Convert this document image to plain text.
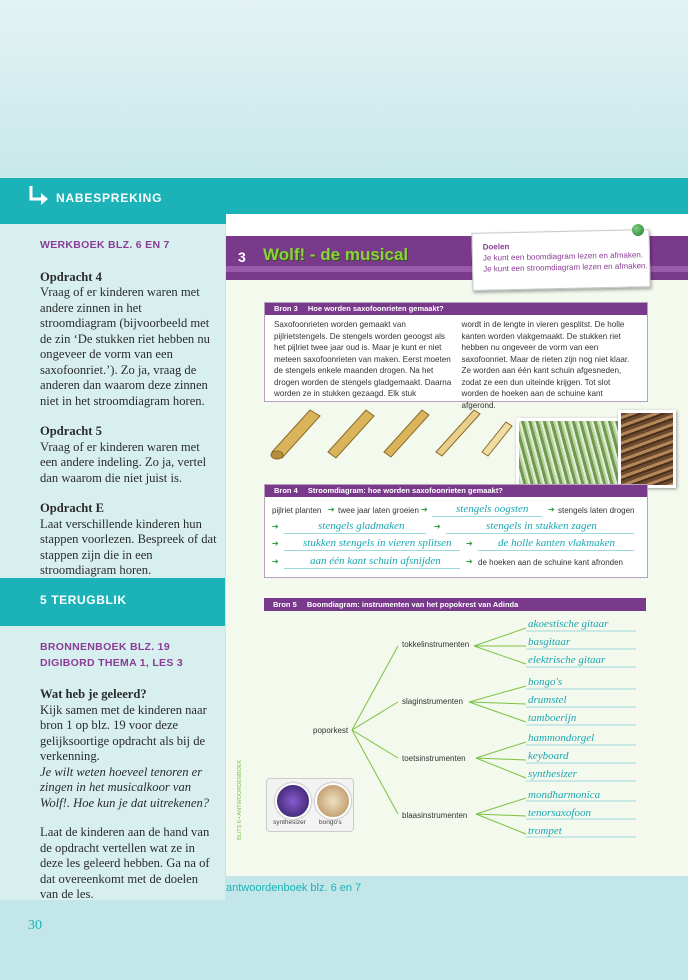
NABESPREKING
WERKBOEK BLZ. 6 EN 7
Opdracht 4

Vraag of er kinderen waren met andere zinnen in het stroomdiagram (bijvoorbeeld met de zin ‘De stukken riet hebben nu ongeveer de vorm van een saxofoonriet.’). Zo ja, vraag de anderen dan waarom deze zinnen niet in het stroomdiagram horen.

Opdracht 5

Vraag of er kinderen waren met een andere indeling. Zo ja, vertel dan waarom die niet juist is.

Opdracht E

Laat verschillende kinderen hun stappen voorlezen. Bespreek of dat stappen zijn die in een stroomdiagram horen.

5 TERUGBLIK
BRONNENBOEK BLZ. 19
DIGIBORD THEMA 1, LES 3
Wat heb je geleerd?

Kijk samen met de kinderen naar bron 1 op blz. 19 voor deze gelijksoortige opdracht als bij de verkenning.

Je wilt weten hoeveel tenoren er zingen in het musicalkoor van Wolf!. Hoe kun je dat uitrekenen?

Laat de kinderen aan de hand van de opdracht vertellen wat ze in deze les geleerd hebben. Ga na of dat overeenkomt met de doelen van de les.

30
antwoordenboek blz. 6 en 7
3 Wolf! - de musical	Doelen
Je kunt een boomdiagram lezen en afmaken.
Je kunt een stroomdiagram lezen en afmaken.
Bron 3 Hoe worden saxofoonrieten gemaakt?
Saxofoonrieten worden gemaakt van pijlrietstengels. De stengels worden geoogst als het pijlriet twee jaar oud is. Maar je kunt er niet meteen saxofoonrieten van maken. Eerst moeten de stengels enkele maanden drogen. Na het drogen worden de stengels gladgemaakt. Daarna worden ze in stukken gezaagd. Elk stuk
wordt in de lengte in vieren gesplitst. De holle kanten worden vlakgemaakt. De stukken riet hebben nu ongeveer de vorm van een saxofoonriet. Maar de rieten zijn nog niet klaar. Ze worden aan één kant schuin afgesneden, zodat ze een dun uiteinde krijgen. Tot slot worden de hoeken aan de schuine kant afgerond.
Bron 4 Stroomdiagram: hoe worden saxofoonrieten gemaakt?
pijlriet planten ➔ twee jaar laten groeien ➔	stengels oogsten ➔ stengels laten drogen
➔	stengels gladmaken	➔	stengels in stukken zagen
➔ stukken stengels in vieren splitsen ➔ de holle kanten vlakmaken
➔	aan één kant schuin afsnijden	➔ de hoeken aan de schuine kant afronden
Bron 5 Boomdiagram: instrumenten van het popokrest van Adinda
poporkest
tokkelinstrumenten
slaginstrumenten
toetsinstrumenten
blaasinstrumenten
akoestische gitaar
basgitaar
elektrische gitaar
bongo's
drumstel
tamboerijn
hammondorgel
keyboard
synthesizer
mondharmonica
tenorsaxofoon
trompet
BLITS 6 • ANTWOORDENBOEK	synthesizer bongo's
